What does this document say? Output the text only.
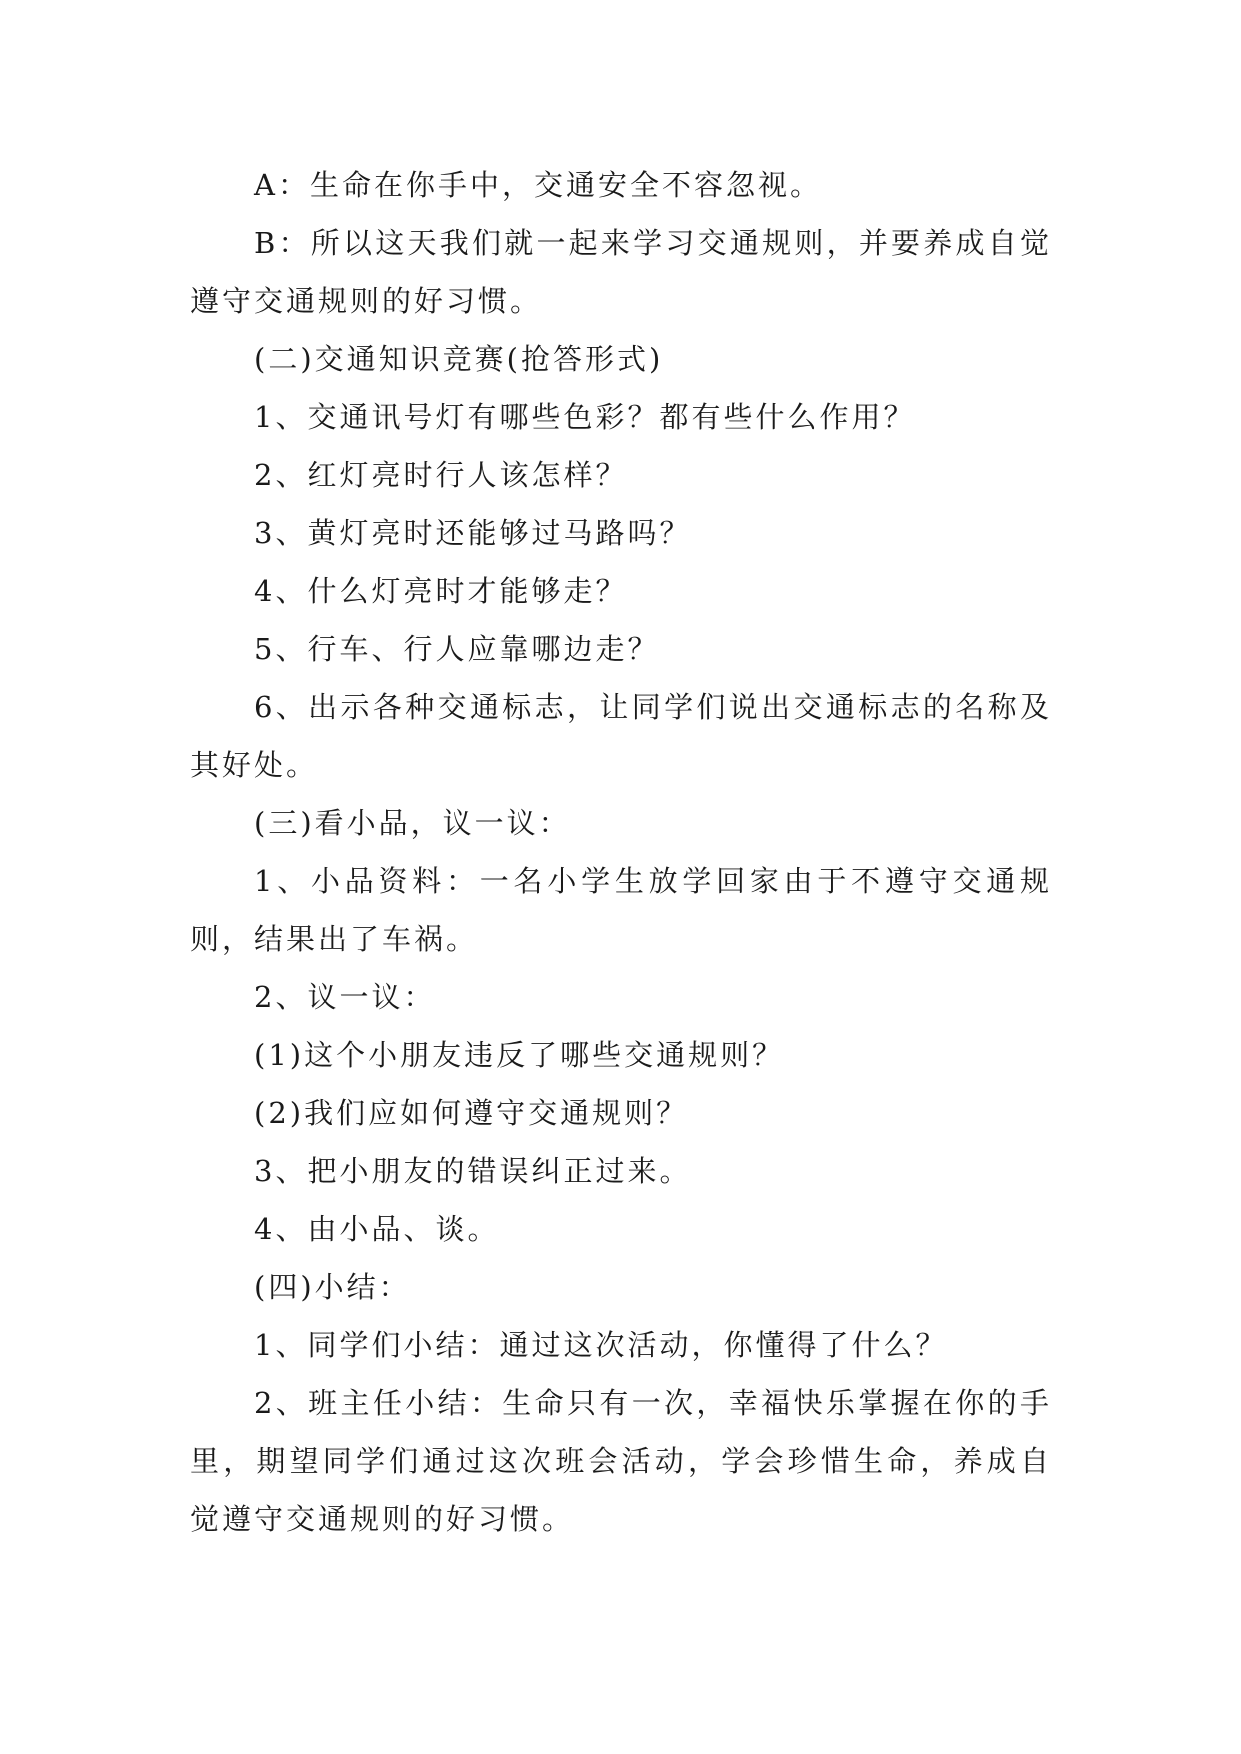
A：生命在你手中，交通安全不容忽视。

B：所以这天我们就一起来学习交通规则，并要养成自觉遵守交通规则的好习惯。

(二)交通知识竞赛(抢答形式)

1、交通讯号灯有哪些色彩？都有些什么作用？

2、红灯亮时行人该怎样？

3、黄灯亮时还能够过马路吗？

4、什么灯亮时才能够走？

5、行车、行人应靠哪边走？

6、出示各种交通标志，让同学们说出交通标志的名称及其好处。

(三)看小品，议一议：

1、小品资料：一名小学生放学回家由于不遵守交通规则，结果出了车祸。

2、议一议：

(1)这个小朋友违反了哪些交通规则？

(2)我们应如何遵守交通规则？

3、把小朋友的错误纠正过来。

4、由小品、谈。

(四)小结：

1、同学们小结：通过这次活动，你懂得了什么？

2、班主任小结：生命只有一次，幸福快乐掌握在你的手里，期望同学们通过这次班会活动，学会珍惜生命，养成自觉遵守交通规则的好习惯。
